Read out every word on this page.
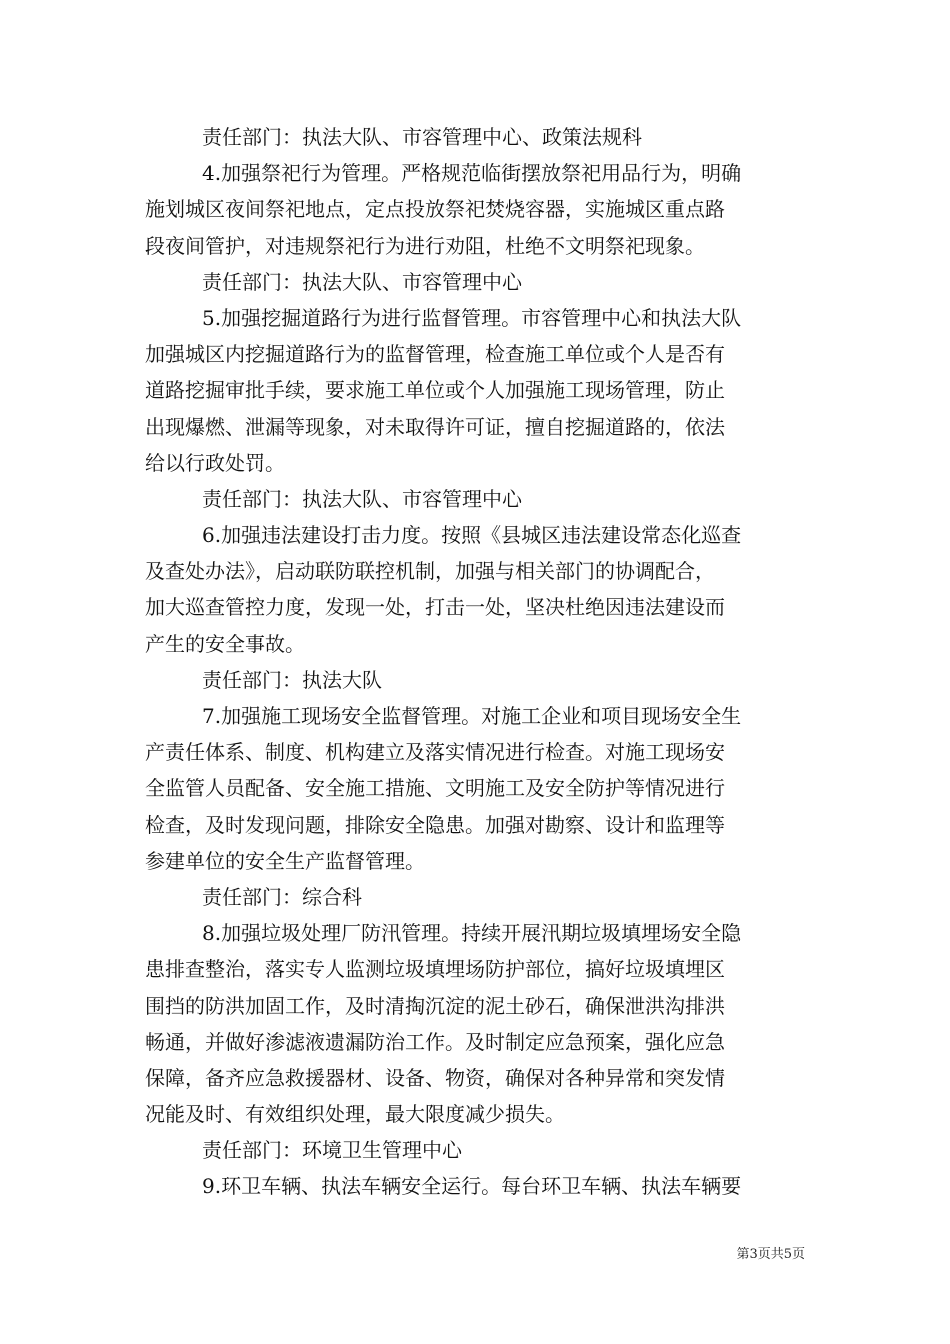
责任部门：执法大队、市容管理中心、政策法规科
4.加强祭祀行为管理。严格规范临街摆放祭祀用品行为，明确
施划城区夜间祭祀地点，定点投放祭祀焚烧容器，实施城区重点路
段夜间管护，对违规祭祀行为进行劝阻，杜绝不文明祭祀现象。
责任部门：执法大队、市容管理中心
5.加强挖掘道路行为进行监督管理。市容管理中心和执法大队
加强城区内挖掘道路行为的监督管理，检查施工单位或个人是否有
道路挖掘审批手续，要求施工单位或个人加强施工现场管理，防止
出现爆燃、泄漏等现象，对未取得许可证，擅自挖掘道路的，依法
给以行政处罚。
责任部门：执法大队、市容管理中心
6.加强违法建设打击力度。按照《县城区违法建设常态化巡查
及查处办法》，启动联防联控机制，加强与相关部门的协调配合，
加大巡查管控力度，发现一处，打击一处，坚决杜绝因违法建设而
产生的安全事故。
责任部门：执法大队
7.加强施工现场安全监督管理。对施工企业和项目现场安全生
产责任体系、制度、机构建立及落实情况进行检查。对施工现场安
全监管人员配备、安全施工措施、文明施工及安全防护等情况进行
检查，及时发现问题，排除安全隐患。加强对勘察、设计和监理等
参建单位的安全生产监督管理。
责任部门：综合科
8.加强垃圾处理厂防汛管理。持续开展汛期垃圾填埋场安全隐
患排查整治，落实专人监测垃圾填埋场防护部位，搞好垃圾填埋区
围挡的防洪加固工作，及时清掏沉淀的泥土砂石，确保泄洪沟排洪
畅通，并做好渗滤液遗漏防治工作。及时制定应急预案，强化应急
保障，备齐应急救援器材、设备、物资，确保对各种异常和突发情
况能及时、有效组织处理，最大限度减少损失。
责任部门：环境卫生管理中心
9.环卫车辆、执法车辆安全运行。每台环卫车辆、执法车辆要
第3页共5页
